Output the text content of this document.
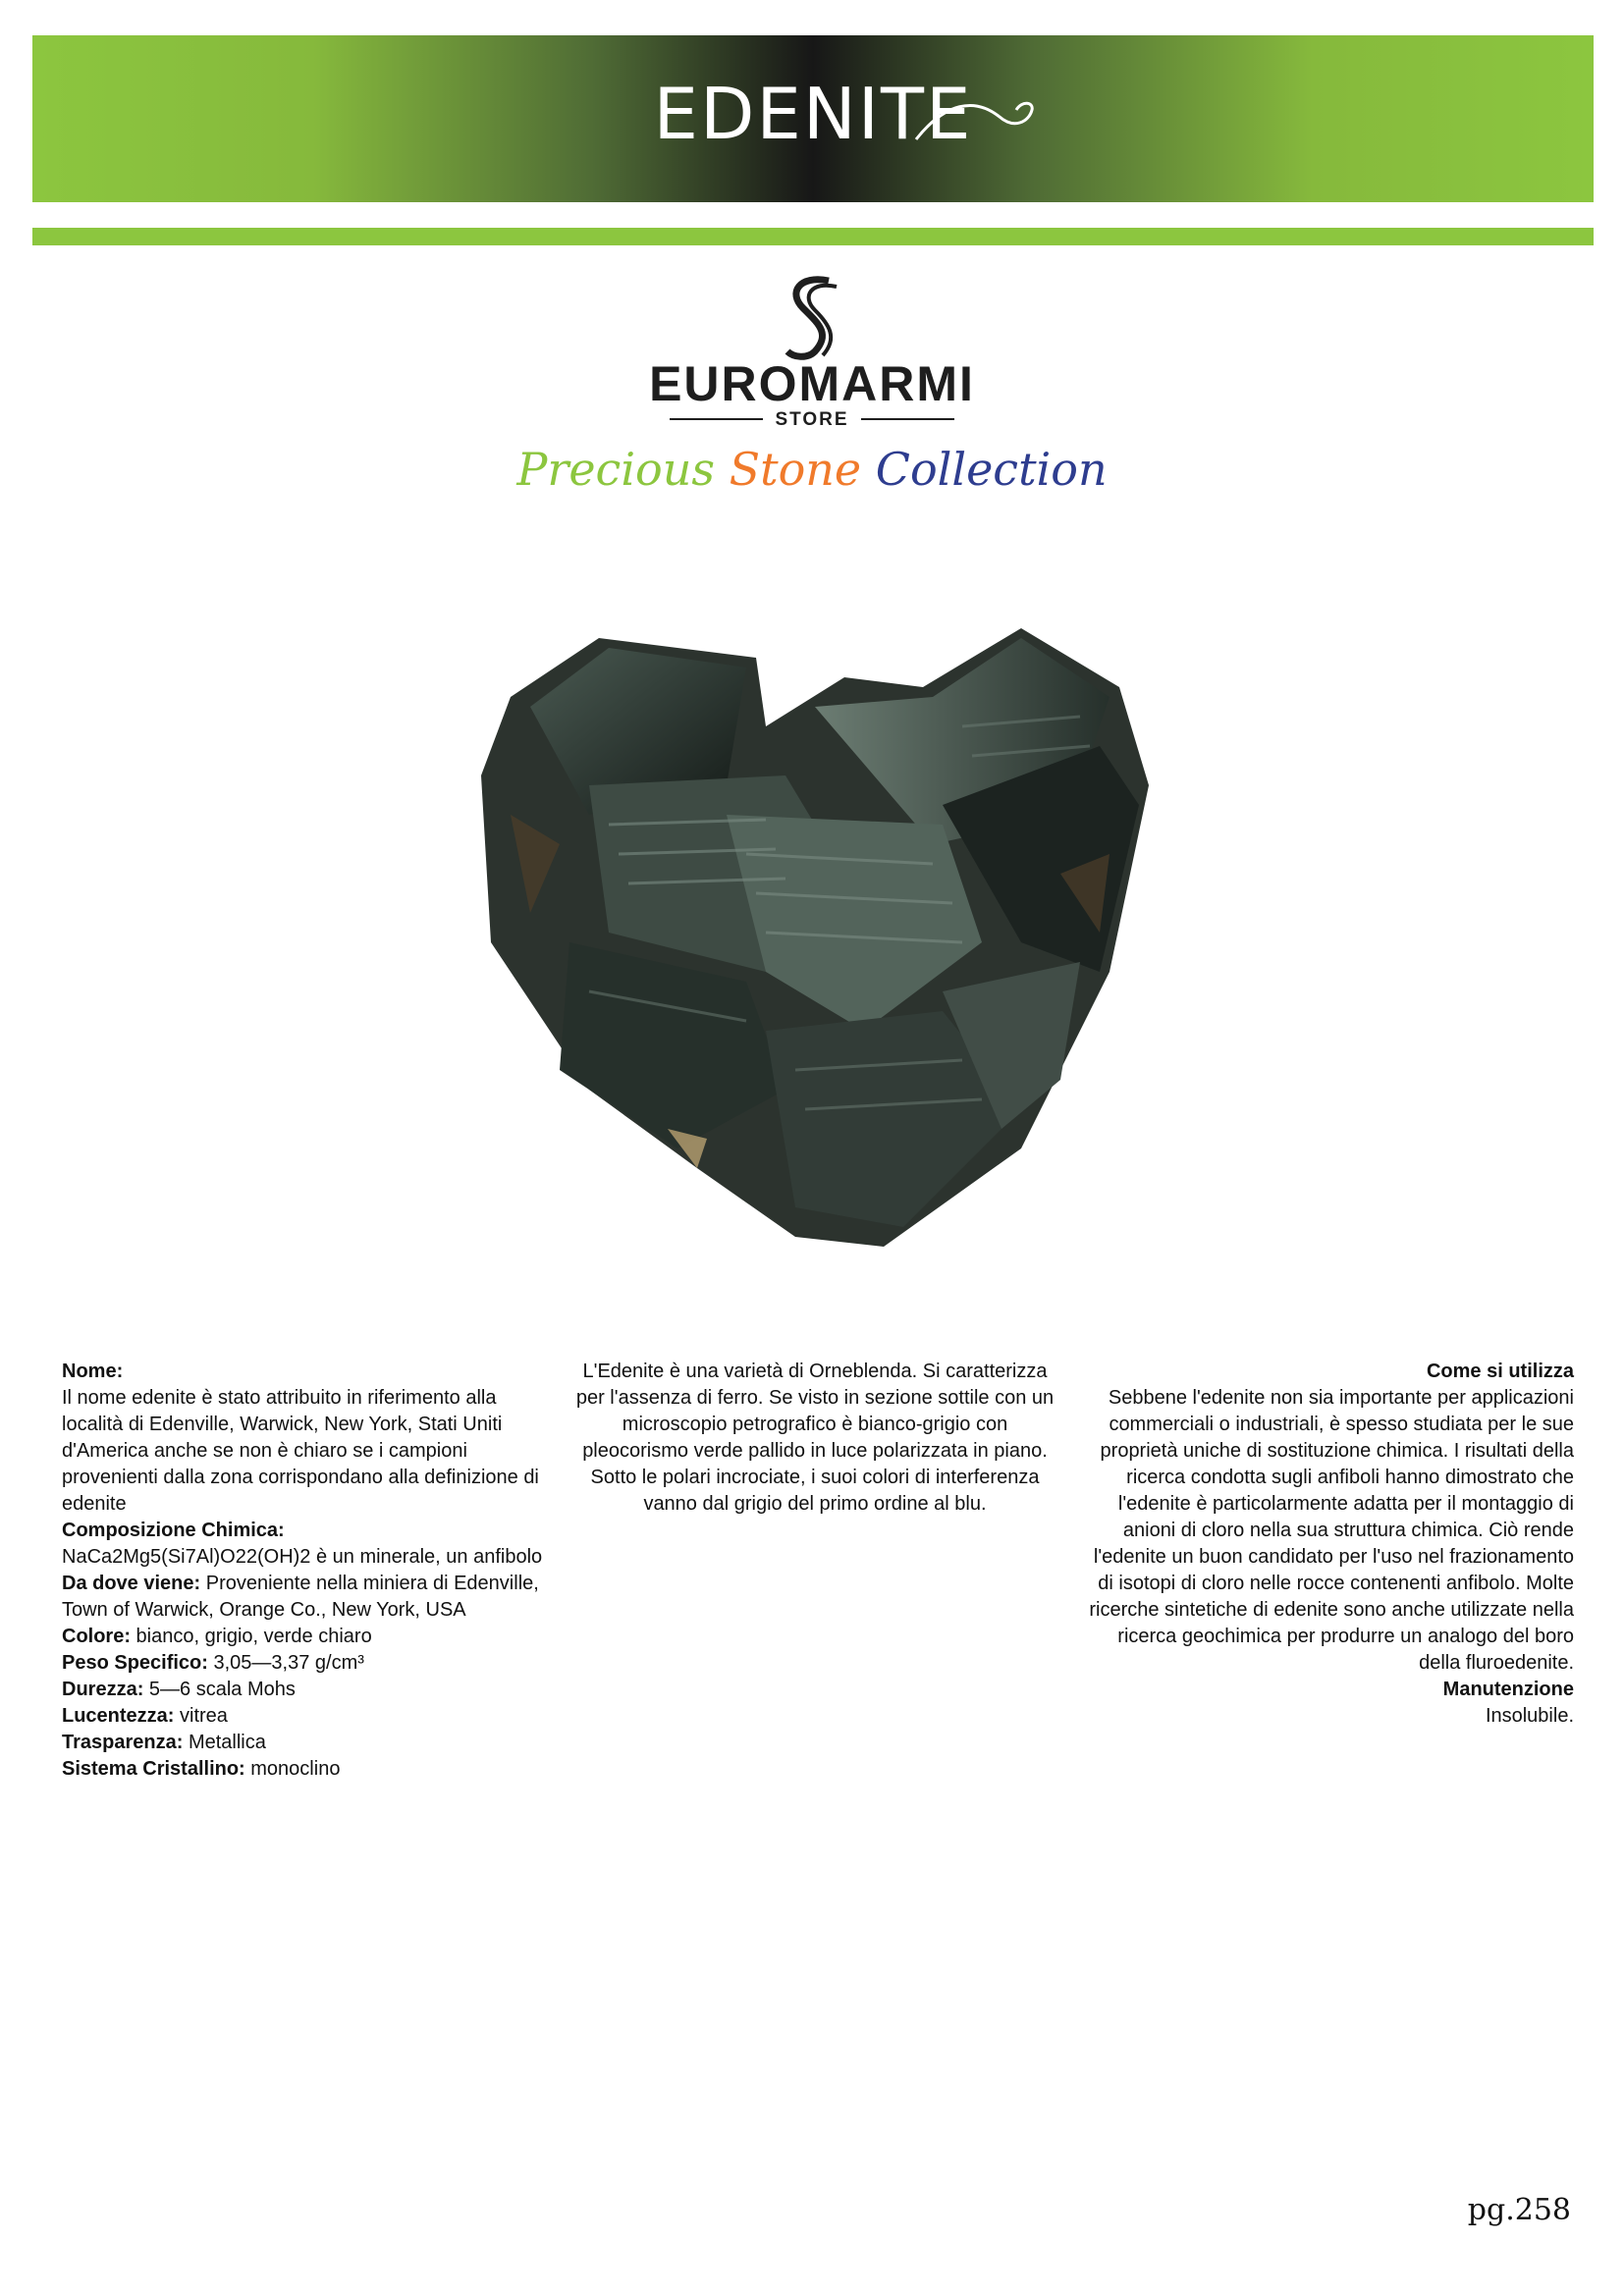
EDENITE
EUROMARMI
STORE
Precious Stone Collection
Nome:
Il nome edenite è stato attribuito in riferimento alla località di Edenville, Warwick, New York, Stati Uniti d'America anche se non è chiaro se i campioni provenienti dalla zona corrispondano alla definizione di edenite
Composizione Chimica:
NaCa2Mg5(Si7Al)O22(OH)2 è un minerale, un anfibolo
Da dove viene: Proveniente nella miniera di Edenville, Town of Warwick, Orange Co., New York, USA
Colore: bianco, grigio, verde chiaro
Peso Specifico: 3,05—3,37 g/cm³
Durezza: 5—6 scala Mohs
Lucentezza: vitrea
Trasparenza: Metallica
Sistema Cristallino: monoclino
L'Edenite è una varietà di Orneblenda. Si caratterizza per l'assenza di ferro. Se visto in sezione sottile con un microscopio petrografico è bianco-grigio con pleocorismo verde pallido in luce polarizzata in piano. Sotto le polari incrociate, i suoi colori di interferenza vanno dal grigio del primo ordine al blu.
Come si utilizza
Sebbene l'edenite non sia importante per applicazioni commerciali o industriali, è spesso studiata per le sue proprietà uniche di sostituzione chimica. I risultati della ricerca condotta sugli anfiboli hanno dimostrato che l'edenite è particolarmente adatta per il montaggio di anioni di cloro nella sua struttura chimica. Ciò rende l'edenite un buon candidato per l'uso nel frazionamento di isotopi di cloro nelle rocce contenenti anfibolo. Molte ricerche sintetiche di edenite sono anche utilizzate nella ricerca geochimica per produrre un analogo del boro della fluroedenite.
Manutenzione
Insolubile.
pg.258
